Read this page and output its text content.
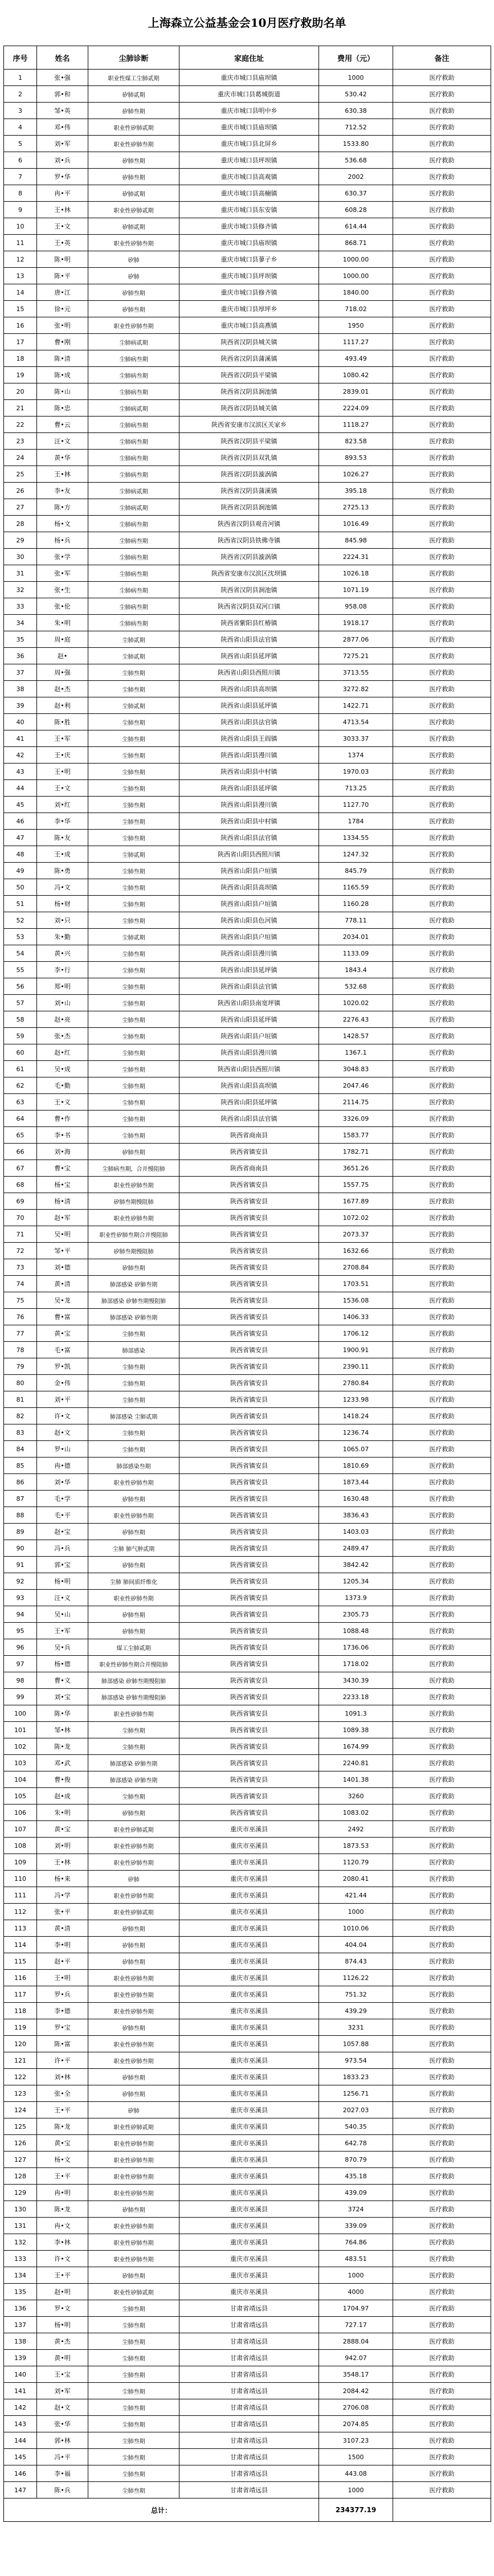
上海森立公益基金会10月医疗救助名单
序号	姓名	尘肺诊断	家庭住址	费用（元）	备注
1	张•强	职业性煤工尘肺贰期	重庆市城口县庙坝镇	1000	医疗救助
2	郭•和	矽肺贰期	重庆市城口县葛城街道	530.42	医疗救助
3	邹•英	矽肺叁期	重庆市城口县明中乡	630.38	医疗救助
4	邓•伟	职业性矽肺贰期	重庆市城口县庙坝镇	712.52	医疗救助
5	刘•军	职业性矽肺叁期	重庆市城口县北屏乡	1533.80	医疗救助
6	刘•兵	矽肺叁期	重庆市城口县坪坝镇	536.68	医疗救助
7	罗•华	矽肺叁期	重庆市城口县高观镇	2002	医疗救助
8	冉•平	矽肺贰期	重庆市城口县高楠镇	630.37	医疗救助
9	王•林	职业性矽肺贰期	重庆市城口县东安镇	608.28	医疗救助
10	王•文	矽肺贰期	重庆市城口县修齐镇	614.44	医疗救助
11	王•英	职业性矽肺叁期	重庆市城口县庙坝镇	868.71	医疗救助
12	陈•明	矽肺	重庆市城口县蓼子乡	1000.00	医疗救助
13	陈•平	矽肺	重庆市城口县坪坝镇	1000.00	医疗救助
14	唐•江	矽肺叁期	重庆市城口县修齐镇	1840.00	医疗救助
15	徐•元	矽肺叁期	重庆市城口县厚坪乡	718.02	医疗救助
16	张•明	职业性矽肺叁期	重庆市城口县高燕镇	1950	医疗救助
17	曹•刚	尘肺病贰期	陕西省汉阴县城关镇	1117.27	医疗救助
18	陈•清	尘肺病叁期	陕西省汉阴县蒲溪镇	493.49	医疗救助
19	陈•成	尘肺病叁期	陕西省汉阴县平梁镇	1080.42	医疗救助
20	陈•山	尘肺病叁期	陕西省汉阴县涧池镇	2839.01	医疗救助
21	陈•忠	尘肺病贰期	陕西省汉阴县城关镇	2224.09	医疗救助
22	曹•云	尘肺病叁期	陕西省安康市汉滨区关家乡	1118.27	医疗救助
23	汪•文	尘肺病叁期	陕西省汉阴县平梁镇	823.58	医疗救助
24	黄•华	尘肺病叁期	陕西省汉阴县双乳镇	893.53	医疗救助
25	王•林	尘肺病叁期	陕西省汉阴县漩涡镇	1026.27	医疗救助
26	李•友	尘肺病贰期	陕西省汉阴县蒲溪镇	395.18	医疗救助
27	陈•方	尘肺病贰期	陕西省汉阴县涧池镇	2725.13	医疗救助
28	杨•文	尘肺病叁期	陕西省汉阴县观音河镇	1016.49	医疗救助
29	杨•兵	尘肺病叁期	陕西省汉阴县铁佛寺镇	845.98	医疗救助
30	张•学	尘肺病叁期	陕西省汉阴县漩涡镇	2224.31	医疗救助
31	张•军	尘肺病叁期	陕西省安康市汉滨区沈坝镇	1026.18	医疗救助
32	张•生	尘肺病叁期	陕西省汉阴县涧池镇	1071.19	医疗救助
33	张•伦	尘肺病叁期	陕西省汉阴县双河口镇	958.08	医疗救助
34	朱•明	尘肺病叁期	陕西省紫阳县红椿镇	1918.17	医疗救助
35	周•庭	尘肺贰期	陕西省山阳县法官镇	2877.06	医疗救助
36	赵•	尘肺贰期	陕西省山阳县延坪镇	7275.21	医疗救助
37	周•强	尘肺叁期	陕西省山阳县西照川镇	3713.55	医疗救助
38	赵•杰	尘肺叁期	陕西省山阳县高坝镇	3272.82	医疗救助
39	赵•利	尘肺贰期	陕西省山阳县延坪镇	1422.71	医疗救助
40	陈•胜	尘肺叁期	陕西省山阳县法官镇	4713.54	医疗救助
41	王•军	尘肺叁期	陕西省山阳县王阎镇	3033.37	医疗救助
42	王•庆	尘肺叁期	陕西省山阳县漫川镇	1374	医疗救助
43	王•明	尘肺叁期	陕西省山阳县中村镇	1970.03	医疗救助
44	王•文	尘肺叁期	陕西省山阳县延坪镇	713.25	医疗救助
45	刘•红	尘肺叁期	陕西省山阳县漫川镇	1127.70	医疗救助
46	李•华	尘肺叁期	陕西省山阳县中村镇	1784	医疗救助
47	陈•友	尘肺叁期	陕西省山阳县法官镇	1334.55	医疗救助
48	王•成	尘肺贰期	陕西省山阳县西照川镇	1247.32	医疗救助
49	陈•勇	尘肺叁期	陕西省山阳县户垣镇	845.79	医疗救助
50	冯•文	尘肺叁期	陕西省山阳县高坝镇	1165.59	医疗救助
51	杨•财	尘肺叁期	陕西省山阳县户垣镇	1160.28	医疗救助
52	刘•只	尘肺叁期	陕西省山阳县色河镇	778.11	医疗救助
53	朱•勤	尘肺贰期	陕西省山阳县户垣镇	2034.01	医疗救助
54	黄•兴	尘肺叁期	陕西省山阳县漫川镇	1133.09	医疗救助
55	李•行	尘肺叁期	陕西省山阳县延坪镇	1843.4	医疗救助
56	郑•明	尘肺叁期	陕西省山阳县法官镇	532.68	医疗救助
57	刘•山	尘肺叁期	陕西省山阳县南宽坪镇	1020.02	医疗救助
58	赵•亮	尘肺叁期	陕西省山阳县延坪镇	2276.43	医疗救助
59	张•杰	尘肺叁期	陕西省山阳县户垣镇	1428.57	医疗救助
60	赵•红	尘肺叁期	陕西省山阳县漫川镇	1367.1	医疗救助
61	吴•成	尘肺叁期	陕西省山阳县西照川镇	3048.83	医疗救助
62	毛•勤	尘肺叁期	陕西省山阳县高坝镇	2047.46	医疗救助
63	王•义	尘肺叁期	陕西省山阳县延坪镇	2114.75	医疗救助
64	曹•作	尘肺叁期	陕西省山阳县法官镇	3326.09	医疗救助
65	李•书	尘肺叁期	陕西省商南县	1583.77	医疗救助
66	刘•海	矽肺叁期	陕西省镇安县	1782.71	医疗救助
67	曹•宝	尘肺病叁期，合并慢阻肺	陕西省商南县	3651.26	医疗救助
68	杨•宝	职业性矽肺叁期	陕西省镇安县	1557.75	医疗救助
69	杨•清	矽肺叁期慢阻肺	陕西省镇安县	1677.89	医疗救助
70	赵•军	职业性矽肺叁期	陕西省镇安县	1072.02	医疗救助
71	吴•明	职业性矽肺叁期合并慢阻肺	陕西省镇安县	2073.37	医疗救助
72	邹•平	矽肺叁期慢阻肺	陕西省镇安县	1632.66	医疗救助
73	刘•德	矽肺叁期	陕西省镇安县	2708.84	医疗救助
74	黄•清	肺部感染 矽肺叁期	陕西省镇安县	1703.51	医疗救助
75	吴•龙	肺部感染 矽肺叁期慢阻肺	陕西省镇安县	1536.08	医疗救助
76	曹•富	肺部感染 矽肺叁期	陕西省镇安县	1406.33	医疗救助
77	黄•宝	尘肺叁期	陕西省镇安县	1706.12	医疗救助
78	毛•富	肺部感染	陕西省镇安县	1900.91	医疗救助
79	罗•凯	尘肺叁期	陕西省镇安县	2390.11	医疗救助
80	金•伟	尘肺叁期	陕西省镇安县	2780.84	医疗救助
81	刘•平	尘肺叁期	陕西省镇安县	1233.98	医疗救助
82	许•文	肺部感染 尘肺贰期	陕西省镇安县	1418.24	医疗救助
83	赵•文	尘肺叁期	陕西省镇安县	1236.74	医疗救助
84	罗•山	尘肺叁期	陕西省镇安县	1065.07	医疗救助
85	冉•德	肺部感染叁期	陕西省镇安县	1810.69	医疗救助
86	刘•华	职业性矽肺叁期	陕西省镇安县	1873.44	医疗救助
87	毛•学	矽肺叁期	陕西省镇安县	1630.48	医疗救助
88	毛•平	职业性矽肺叁期	陕西省镇安县	3836.43	医疗救助
89	赵•宝	矽肺叁期	陕西省镇安县	1403.03	医疗救助
90	冯•兵	尘肺 肺气肿贰期	陕西省镇安县	2489.47	医疗救助
91	郭•宝	矽肺叁期	陕西省镇安县	3842.42	医疗救助
92	杨•明	尘肺 肺间质纤维化	陕西省镇安县	1205.34	医疗救助
93	汪•义	职业性矽肺叁期	陕西省镇安县	1373.9	医疗救助
94	吴•山	矽肺叁期	陕西省镇安县	2305.73	医疗救助
95	王•军	矽肺叁期	陕西省镇安县	1088.48	医疗救助
96	吴•兵	煤工尘肺贰期	陕西省镇安县	1736.06	医疗救助
97	杨•德	职业性矽肺叁期合并慢阻肺	陕西省镇安县	1718.02	医疗救助
98	曹•文	肺部感染 矽肺叁期慢阻肺	陕西省镇安县	3430.39	医疗救助
99	刘•宝	肺部感染 矽肺叁期慢阻肺	陕西省镇安县	2233.18	医疗救助
100	陈•华	职业性矽肺叁期	陕西省镇安县	1091.3	医疗救助
101	邹•林	尘肺叁期	陕西省镇安县	1089.38	医疗救助
102	陈•龙	尘肺叁期	陕西省镇安县	1674.99	医疗救助
103	邓•武	肺部感染 矽肺叁期	陕西省镇安县	2240.81	医疗救助
104	曹•俊	肺部感染 矽肺叁期	陕西省镇安县	1401.38	医疗救助
105	赵•成	尘肺叁期	陕西省镇安县	3260	医疗救助
106	朱•明	矽肺叁期	陕西省镇安县	1083.02	医疗救助
107	黄•宝	职业性矽肺贰期	重庆市巫溪县	2492	医疗救助
108	刘•明	职业性矽肺叁期	重庆市巫溪县	1873.53	医疗救助
109	王•林	职业性矽肺叁期	重庆市巫溪县	1120.79	医疗救助
110	杨•来	矽肺	重庆市巫溪县	2080.41	医疗救助
111	冯•学	职业性矽肺叁期	重庆市巫溪县	421.44	医疗救助
112	张•平	职业性矽肺贰期	重庆市巫溪县	1000	医疗救助
113	黄•清	矽肺叁期	重庆市巫溪县	1010.06	医疗救助
114	李•明	矽肺叁期	重庆市巫溪县	404.04	医疗救助
115	赵•平	矽肺叁期	重庆市巫溪县	874.43	医疗救助
116	王•明	职业性矽肺叁期	重庆市巫溪县	1126.22	医疗救助
117	罗•兵	职业性矽肺叁期	重庆市巫溪县	751.32	医疗救助
118	李•德	职业性矽肺叁期	重庆市巫溪县	439.29	医疗救助
119	罗•宝	矽肺叁期	重庆市巫溪县	3231	医疗救助
120	陈•富	职业性矽肺叁期	重庆市巫溪县	1057.88	医疗救助
121	许•平	职业性矽肺叁期	重庆市巫溪县	973.54	医疗救助
122	刘•林	矽肺叁期	重庆市巫溪县	1833.23	医疗救助
123	张•全	矽肺叁期	重庆市巫溪县	1256.71	医疗救助
124	王•平	矽肺	重庆市巫溪县	2027.03	医疗救助
125	陈•龙	职业性矽肺贰期	重庆市巫溪县	540.35	医疗救助
126	黄•宝	职业性矽肺叁期	重庆市巫溪县	642.78	医疗救助
127	杨•文	职业性矽肺叁期	重庆市巫溪县	870.79	医疗救助
128	王•平	职业性矽肺叁期	重庆市巫溪县	435.18	医疗救助
129	冉•明	职业性矽肺叁期	重庆市巫溪县	439.09	医疗救助
130	陈•龙	矽肺叁期	重庆市巫溪县	3724	医疗救助
131	冉•文	职业性矽肺叁期	重庆市巫溪县	339.09	医疗救助
132	李•林	职业性矽肺叁期	重庆市巫溪县	764.86	医疗救助
133	许•文	职业性矽肺叁期	重庆市巫溪县	483.51	医疗救助
134	王•平	矽肺叁期	重庆市巫溪县	1000	医疗救助
135	赵•明	职业性矽肺贰期	重庆市巫溪县	4000	医疗救助
136	罗•文	尘肺叁期	甘肃省靖远县	1704.97	医疗救助
137	杨•明	尘肺叁期	甘肃省靖远县	727.17	医疗救助
138	黄•杰	尘肺叁期	甘肃省靖远县	2888.04	医疗救助
139	黄•明	尘肺叁期	甘肃省靖远县	942.07	医疗救助
140	王•宝	尘肺叁期	甘肃省靖远县	3548.17	医疗救助
141	刘•军	尘肺叁期	甘肃省靖远县	2084.42	医疗救助
142	赵•文	尘肺叁期	甘肃省靖远县	2706.08	医疗救助
143	张•华	尘肺叁期	甘肃省靖远县	2074.85	医疗救助
144	郭•林	尘肺叁期	甘肃省靖远县	3107.23	医疗救助
145	冯•平	尘肺叁期	甘肃省靖远县	1500	医疗救助
146	李•福	尘肺叁期	甘肃省靖远县	443.08	医疗救助
147	陈•兵	尘肺叁期	甘肃省靖远县	1000	医疗救助
总计：				234377.19	
